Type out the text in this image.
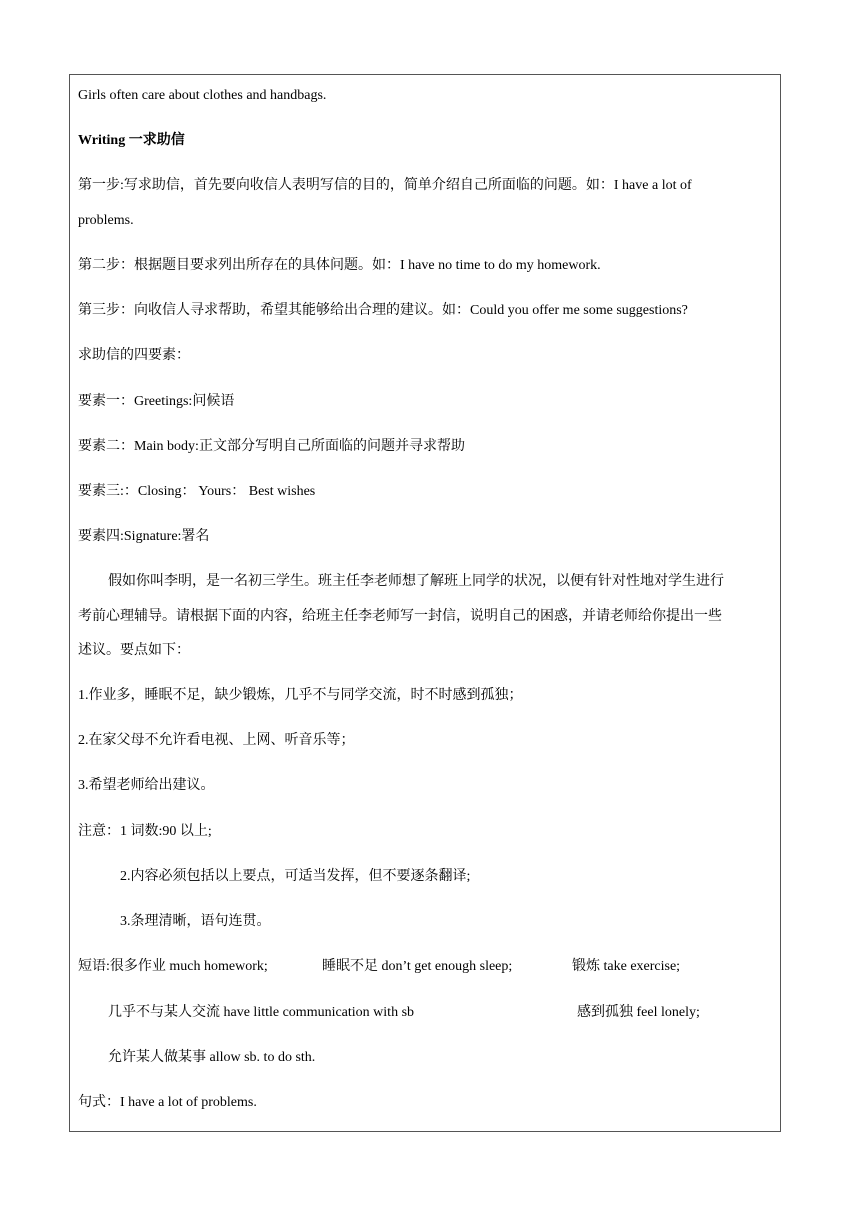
Girls often care about clothes and handbags.
Writing 一求助信
第一步:写求助信，首先要向收信人表明写信的目的，简单介绍自己所面临的问题。如：I have a lot of
problems.
第二步：根据题目要求列出所存在的具体问题。如：I have no time to do my homework.
第三步：向收信人寻求帮助，希望其能够给出合理的建议。如：Could you offer me some suggestions?
求助信的四要素：
要素一：Greetings:问候语
要素二：Main body:正文部分写明自己所面临的问题并寻求帮助
要素三:：Closing： Yours： Best wishes
要素四:Signature:署名
假如你叫李明，是一名初三学生。班主任李老师想了解班上同学的状况，以便有针对性地对学生进行
考前心理辅导。请根据下面的内容，给班主任李老师写一封信，说明自己的困惑，并请老师给你提出一些
述议。要点如下：
1.作业多，睡眠不足，缺少锻炼，几乎不与同学交流，时不时感到孤独；
2.在家父母不允许看电视、上网、听音乐等；
3.希望老师给出建议。
注意：1 词数:90 以上;
2.内容必须包括以上要点，可适当发挥，但不要逐条翻译;
3.条理清晰，语句连贯。
短语:很多作业 much homework;	睡眠不足 don’t get enough sleep;	锻炼 take exercise;
几乎不与某人交流 have little communication with sb	感到孤独 feel lonely;
允许某人做某事 allow sb. to do sth.
句式：I have a lot of problems.
